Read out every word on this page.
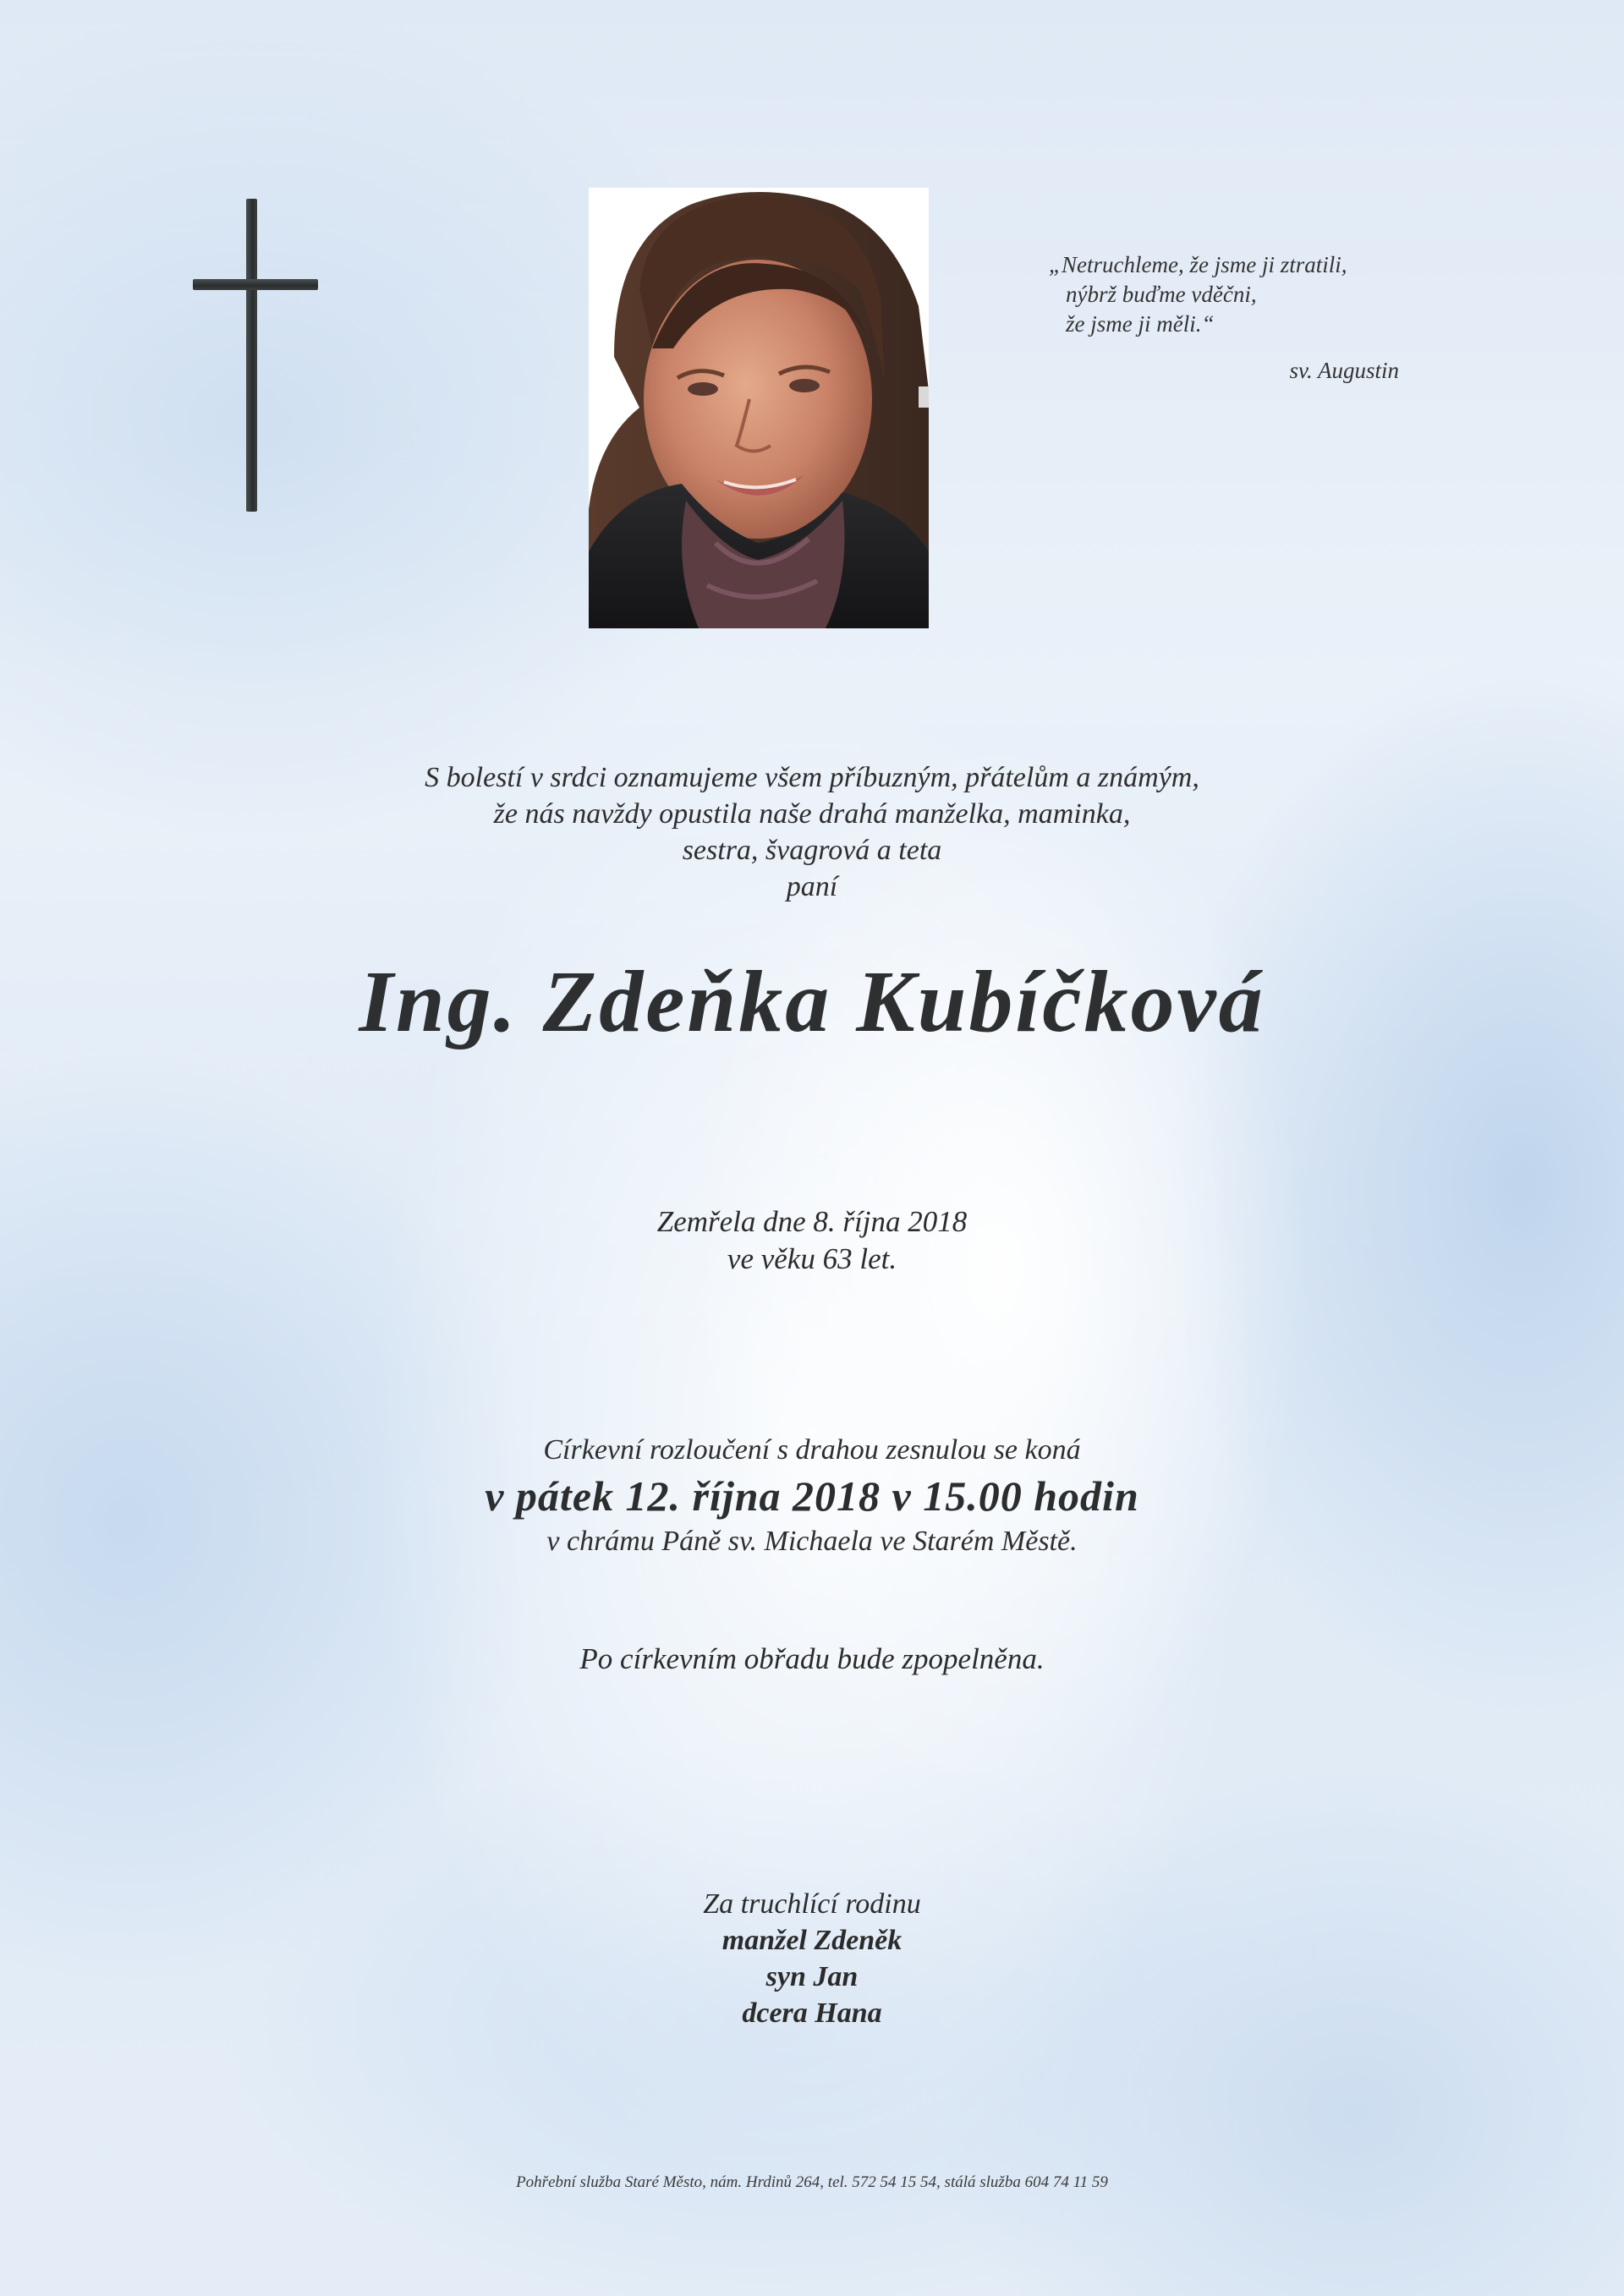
„Netruchleme, že jsme ji ztratili,
nýbrž buďme vděčni,
že jsme ji měli.“
sv. Augustin
S bolestí v srdci oznamujeme všem příbuzným, přátelům a známým,
že nás navždy opustila naše drahá manželka, maminka,
sestra, švagrová a teta
paní
Ing. Zdeňka Kubíčková
Zemřela dne 8. října 2018
ve věku 63 let.
Církevní rozloučení s drahou zesnulou se koná
v pátek 12. října 2018 v 15.00 hodin
v chrámu Páně sv. Michaela ve Starém Městě.
Po církevním obřadu bude zpopelněna.
Za truchlící rodinu
manžel Zdeněk
syn Jan
dcera Hana
Pohřební služba Staré Město, nám. Hrdinů 264, tel. 572 54 15 54, stálá služba 604 74 11 59
